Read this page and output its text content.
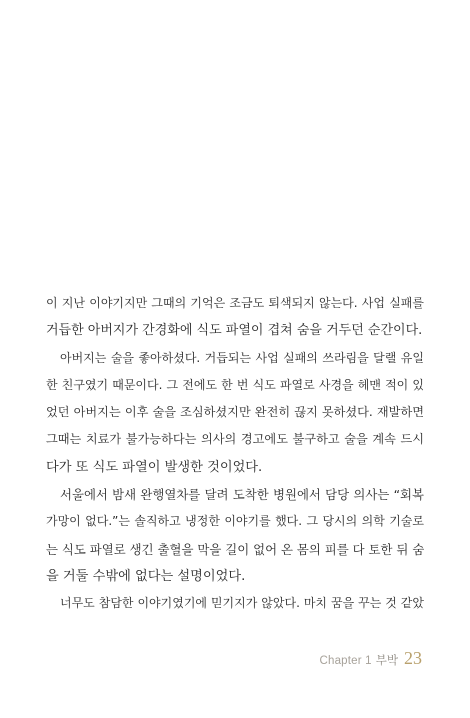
이 지난 이야기지만 그때의 기억은 조금도 퇴색되지 않는다. 사업 실패를
거듭한 아버지가 간경화에 식도 파열이 겹쳐 숨을 거두던 순간이다.
아버지는 술을 좋아하셨다. 거듭되는 사업 실패의 쓰라림을 달랠 유일
한 친구였기 때문이다. 그 전에도 한 번 식도 파열로 사경을 헤맨 적이 있
었던 아버지는 이후 술을 조심하셨지만 완전히 끊지 못하셨다. 재발하면
그때는 치료가 불가능하다는 의사의 경고에도 불구하고 술을 계속 드시
다가 또 식도 파열이 발생한 것이었다.
서울에서 밤새 완행열차를 달려 도착한 병원에서 담당 의사는 “회복
가망이 없다.”는 솔직하고 냉정한 이야기를 했다. 그 당시의 의학 기술로
는 식도 파열로 생긴 출혈을 막을 길이 없어 온 몸의 피를 다 토한 뒤 숨
을 거둘 수밖에 없다는 설명이었다.
너무도 참담한 이야기였기에 믿기지가 않았다. 마치 꿈을 꾸는 것 같았
Chapter 1 부박 23
